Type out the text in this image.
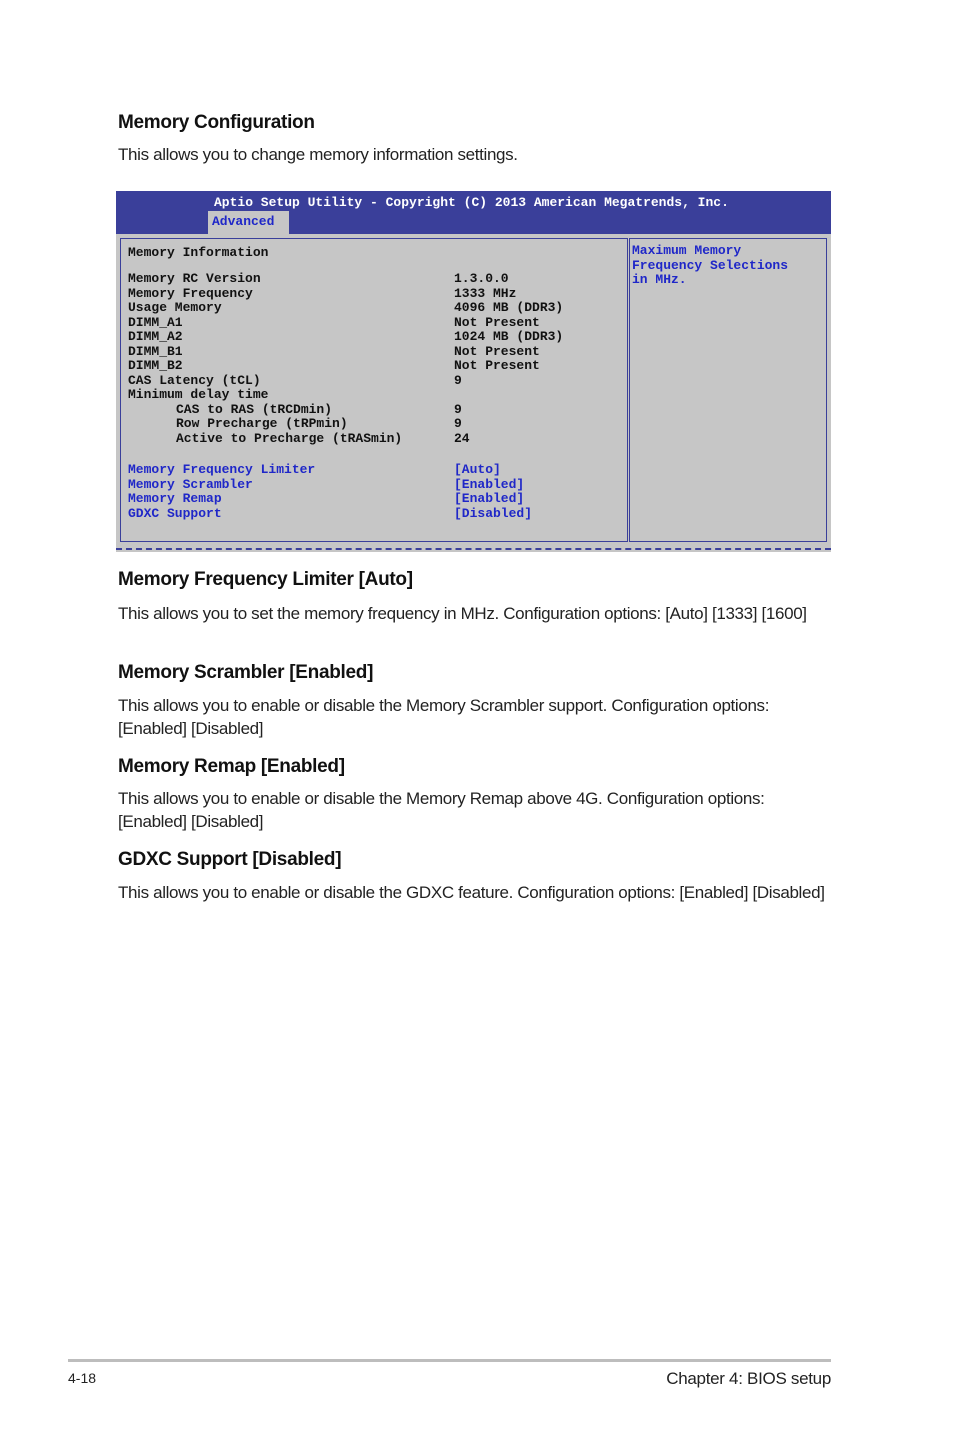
Memory Configuration

This allows you to change memory information settings.

Aptio Setup Utility - Copyright (C) 2013 American Megatrends, Inc.
Advanced
Memory Information
Memory RC Version	1.3.0.0
Memory Frequency	1333 MHz
Usage Memory	4096 MB (DDR3)
DIMM_A1	Not Present
DIMM_A2	1024 MB (DDR3)
DIMM_B1	Not Present
DIMM_B2	Not Present
CAS Latency (tCL)	9
Minimum delay time
CAS to RAS (tRCDmin)	9
Row Precharge (tRPmin)	9
Active to Precharge (tRASmin)	24
Memory Frequency Limiter	[Auto]
Memory Scrambler	[Enabled]
Memory Remap	[Enabled]
GDXC Support	[Disabled]
Maximum Memory
Frequency Selections
in MHz.
Memory Frequency Limiter [Auto]

This allows you to set the memory frequency in MHz. Configuration options: [Auto] [1333] [1600]

Memory Scrambler [Enabled]

This allows you to enable or disable the Memory Scrambler support. Configuration options: [Enabled] [Disabled]

Memory Remap [Enabled]

This allows you to enable or disable the Memory Remap above 4G. Configuration options: [Enabled] [Disabled]

GDXC Support [Disabled]

This allows you to enable or disable the GDXC feature. Configuration options: [Enabled] [Disabled]

4-18	Chapter 4: BIOS setup
